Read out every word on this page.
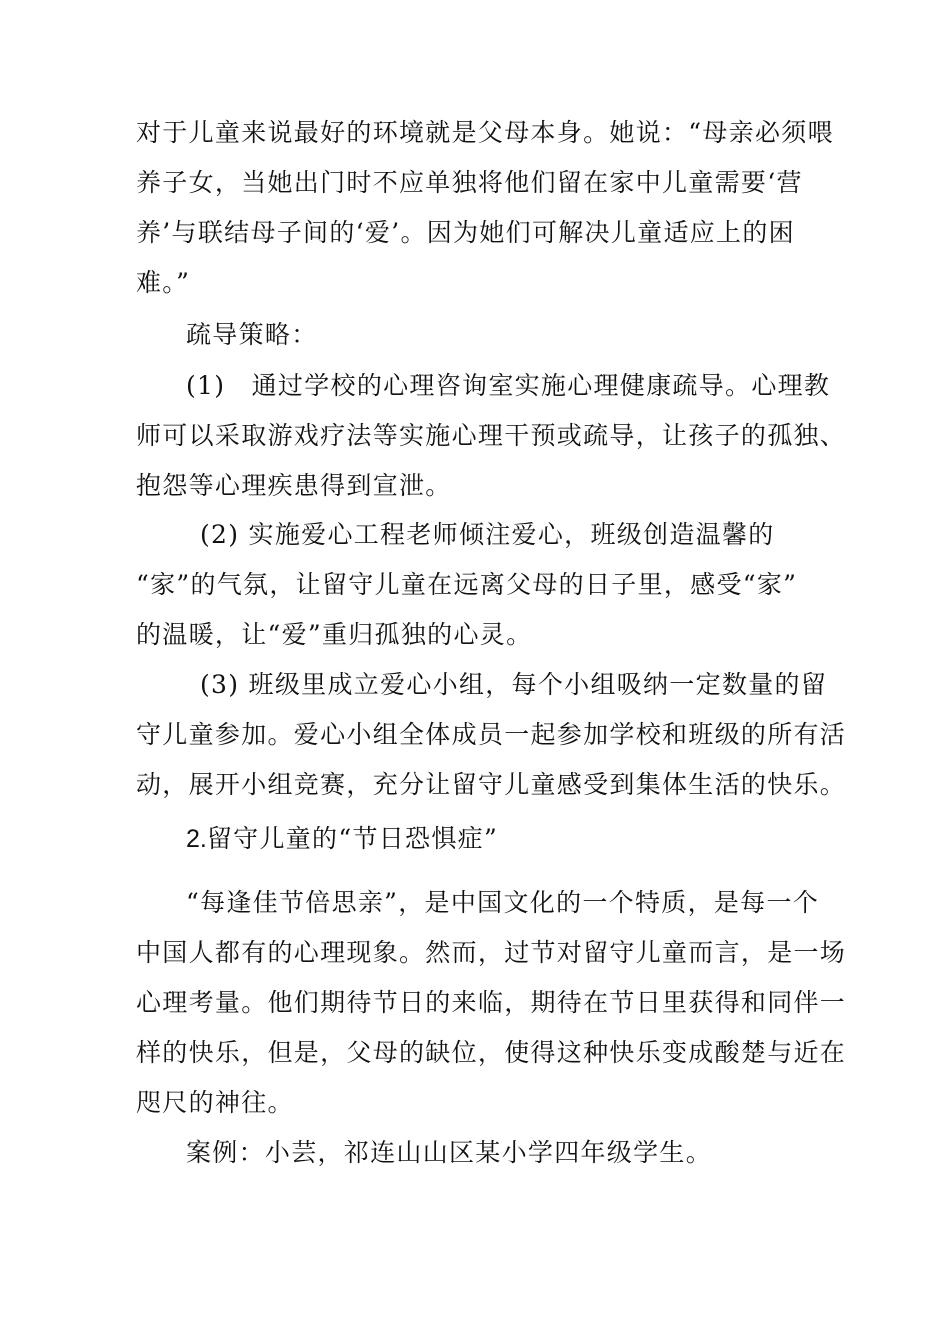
对于儿童来说最好的环境就是父母本身。她说：“母亲必须喂

养子女，当她出门时不应单独将他们留在家中儿童需要‘营

养’与联结母子间的‘爱’。因为她们可解决儿童适应上的困

难。”

疏导策略：

(1)　通过学校的心理咨询室实施心理健康疏导。心理教

师可以采取游戏疗法等实施心理干预或疏导，让孩子的孤独、

抱怨等心理疾患得到宣泄。

(2) 实施爱心工程老师倾注爱心，班级创造温馨的

“家”的气氛，让留守儿童在远离父母的日子里，感受“家”

的温暖，让“爱”重归孤独的心灵。

(3) 班级里成立爱心小组，每个小组吸纳一定数量的留

守儿童参加。爱心小组全体成员一起参加学校和班级的所有活

动，展开小组竞赛，充分让留守儿童感受到集体生活的快乐。

2.留守儿童的“节日恐惧症”

“每逢佳节倍思亲”，是中国文化的一个特质，是每一个

中国人都有的心理现象。然而，过节对留守儿童而言，是一场

心理考量。他们期待节日的来临，期待在节日里获得和同伴一

样的快乐，但是，父母的缺位，使得这种快乐变成酸楚与近在

咫尺的神往。

案例：小芸，祁连山山区某小学四年级学生。
